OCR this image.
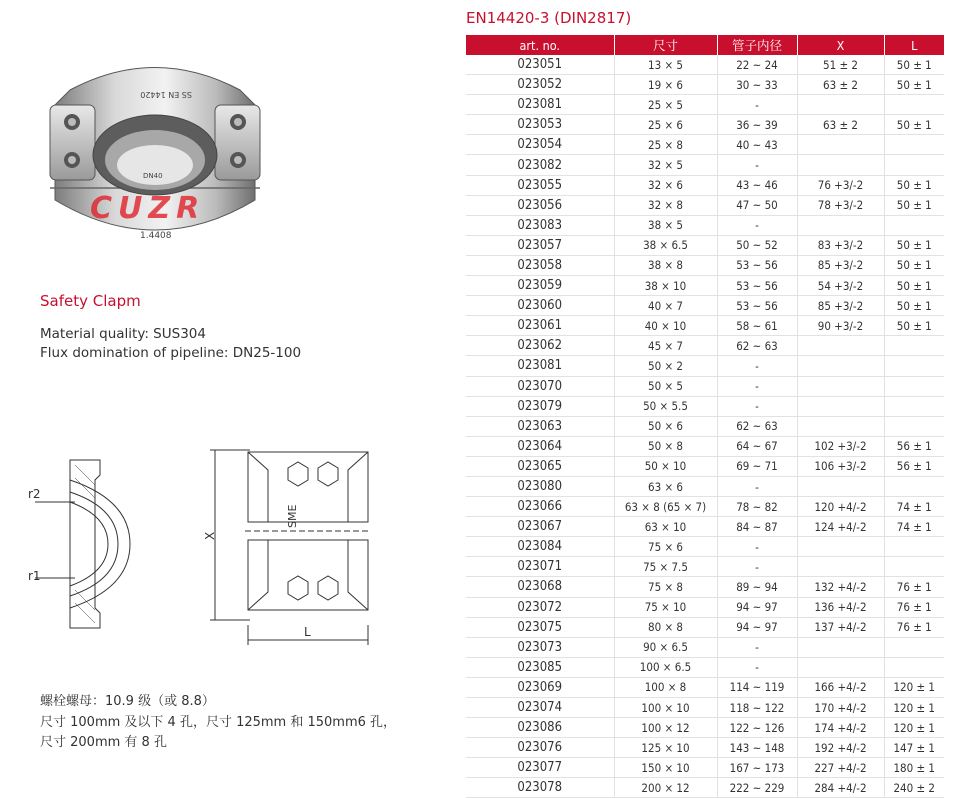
SS EN 14420
DN40
1.4408
CUZR
Safety Clapm
Material quality: SUS304
Flux domination of pipeline: DN25-100
r2
r1
X
SME
L
螺栓螺母：10.9 级（或 8.8）
尺寸 100mm 及以下 4 孔，尺寸 125mm 和 150mm6 孔，
尺寸 200mm 有 8 孔
EN14420-3 (DIN2817)
art. no.	尺寸	管子内径	X	L
023051	13 × 5	22 ~ 24	51 ± 2	50 ± 1
023052	19 × 6	30 ~ 33	63 ± 2	50 ± 1
023081	25 × 5	-		
023053	25 × 6	36 ~ 39	63 ± 2	50 ± 1
023054	25 × 8	40 ~ 43		
023082	32 × 5	-		
023055	32 × 6	43 ~ 46	76 +3/-2	50 ± 1
023056	32 × 8	47 ~ 50	78 +3/-2	50 ± 1
023083	38 × 5	-		
023057	38 × 6.5	50 ~ 52	83 +3/-2	50 ± 1
023058	38 × 8	53 ~ 56	85 +3/-2	50 ± 1
023059	38 × 10	53 ~ 56	54 +3/-2	50 ± 1
023060	40 × 7	53 ~ 56	85 +3/-2	50 ± 1
023061	40 × 10	58 ~ 61	90 +3/-2	50 ± 1
023062	45 × 7	62 ~ 63		
023081	50 × 2	-		
023070	50 × 5	-		
023079	50 × 5.5	-		
023063	50 × 6	62 ~ 63		
023064	50 × 8	64 ~ 67	102 +3/-2	56 ± 1
023065	50 × 10	69 ~ 71	106 +3/-2	56 ± 1
023080	63 × 6	-		
023066	63 × 8 (65 × 7)	78 ~ 82	120 +4/-2	74 ± 1
023067	63 × 10	84 ~ 87	124 +4/-2	74 ± 1
023084	75 × 6	-		
023071	75 × 7.5	-		
023068	75 × 8	89 ~ 94	132 +4/-2	76 ± 1
023072	75 × 10	94 ~ 97	136 +4/-2	76 ± 1
023075	80 × 8	94 ~ 97	137 +4/-2	76 ± 1
023073	90 × 6.5	-		
023085	100 × 6.5	-		
023069	100 × 8	114 ~ 119	166 +4/-2	120 ± 1
023074	100 × 10	118 ~ 122	170 +4/-2	120 ± 1
023086	100 × 12	122 ~ 126	174 +4/-2	120 ± 1
023076	125 × 10	143 ~ 148	192 +4/-2	147 ± 1
023077	150 × 10	167 ~ 173	227 +4/-2	180 ± 1
023078	200 × 12	222 ~ 229	284 +4/-2	240 ± 2
